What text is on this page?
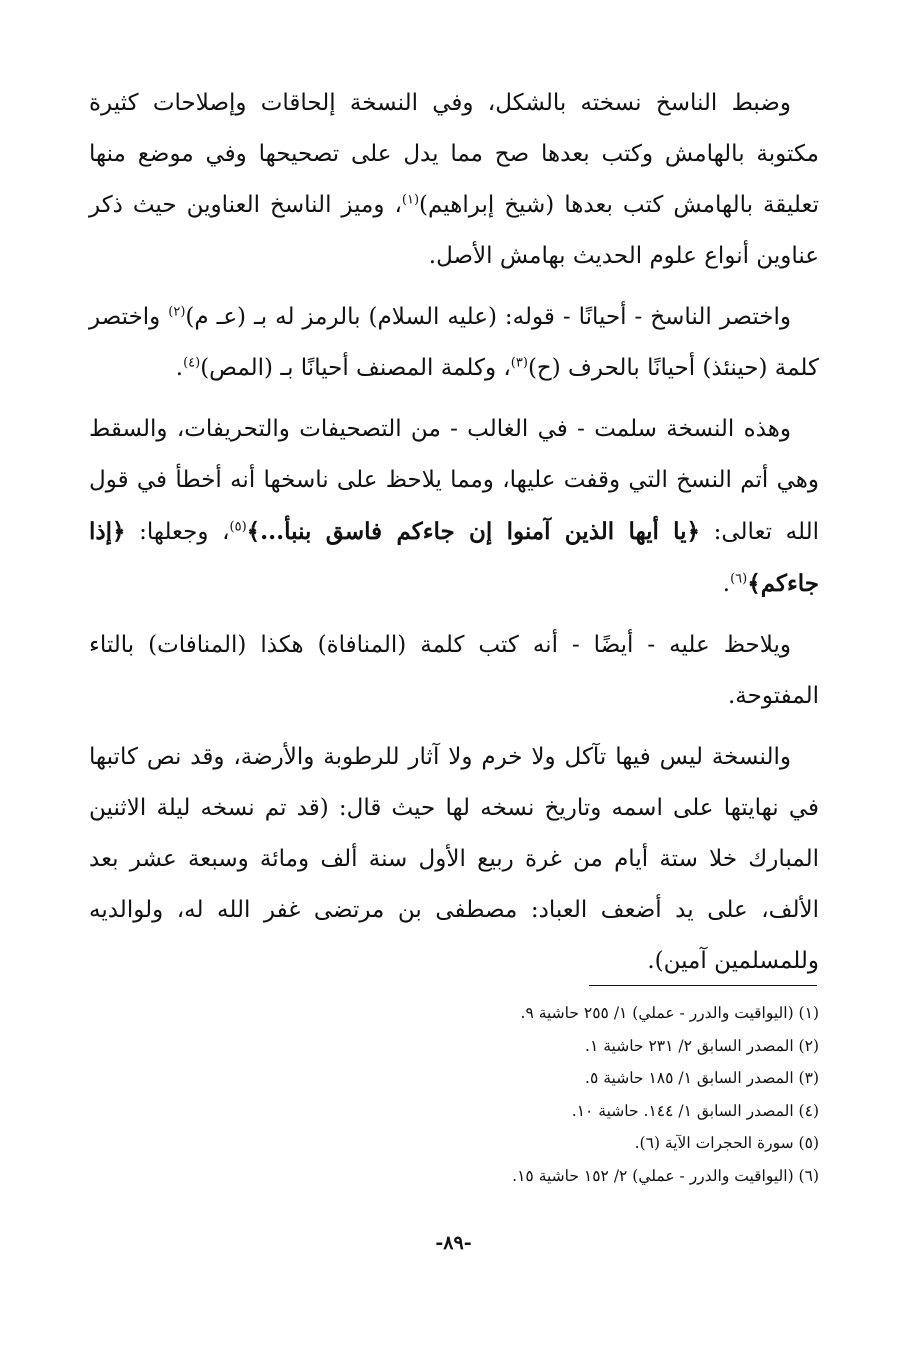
وضبط الناسخ نسخته بالشكل، وفي النسخة إلحاقات وإصلاحات كثيرة مكتوبة بالهامش وكتب بعدها صح مما يدل على تصحيحها وفي موضع منها تعليقة بالهامش كتب بعدها (شيخ إبراهيم)$^{(١)}$، وميز الناسخ العناوين حيث ذكر عناوين أنواع علوم الحديث بهامش الأصل.

واختصر الناسخ - أحيانًا - قوله: (عليه السلام) بالرمز له بـ (عـ م)$^{(٢)}$ واختصر كلمة (حينئذ) أحيانًا بالحرف (ح)$^{(٣)}$، وكلمة المصنف أحيانًا بـ (المص)$^{(٤)}$.

وهذه النسخة سلمت - في الغالب - من التصحيفات والتحريفات، والسقط وهي أتم النسخ التي وقفت عليها، ومما يلاحظ على ناسخها أنه أخطأ في قول الله تعالى: ﴿يا أيها الذين آمنوا إن جاءكم فاسق بنبأ...﴾$^{(٥)}$، وجعلها: ﴿إذا جاءكم﴾$^{(٦)}$.

ويلاحظ عليه - أيضًا - أنه كتب كلمة (المنافاة) هكذا (المنافات) بالتاء المفتوحة.

والنسخة ليس فيها تآكل ولا خرم ولا آثار للرطوبة والأرضة، وقد نص كاتبها في نهايتها على اسمه وتاريخ نسخه لها حيث قال: (قد تم نسخه ليلة الاثنين المبارك خلا ستة أيام من غرة ربيع الأول سنة ألف ومائة وسبعة عشر بعد الألف، على يد أضعف العباد: مصطفى بن مرتضى غفر الله له، ولوالديه وللمسلمين آمين).

(١) (اليواقيت والدرر - عملي) ١/ ٢٥٥ حاشية ٩.
(٢) المصدر السابق ٢/ ٢٣١ حاشية ١.
(٣) المصدر السابق ١/ ١٨٥ حاشية ٥.
(٤) المصدر السابق ١/ ١٤٤. حاشية ١٠.
(٥) سورة الحجرات الآية (٦).
(٦) (اليواقيت والدرر - عملي) ٢/ ١٥٢ حاشية ١٥.
-٨٩-
